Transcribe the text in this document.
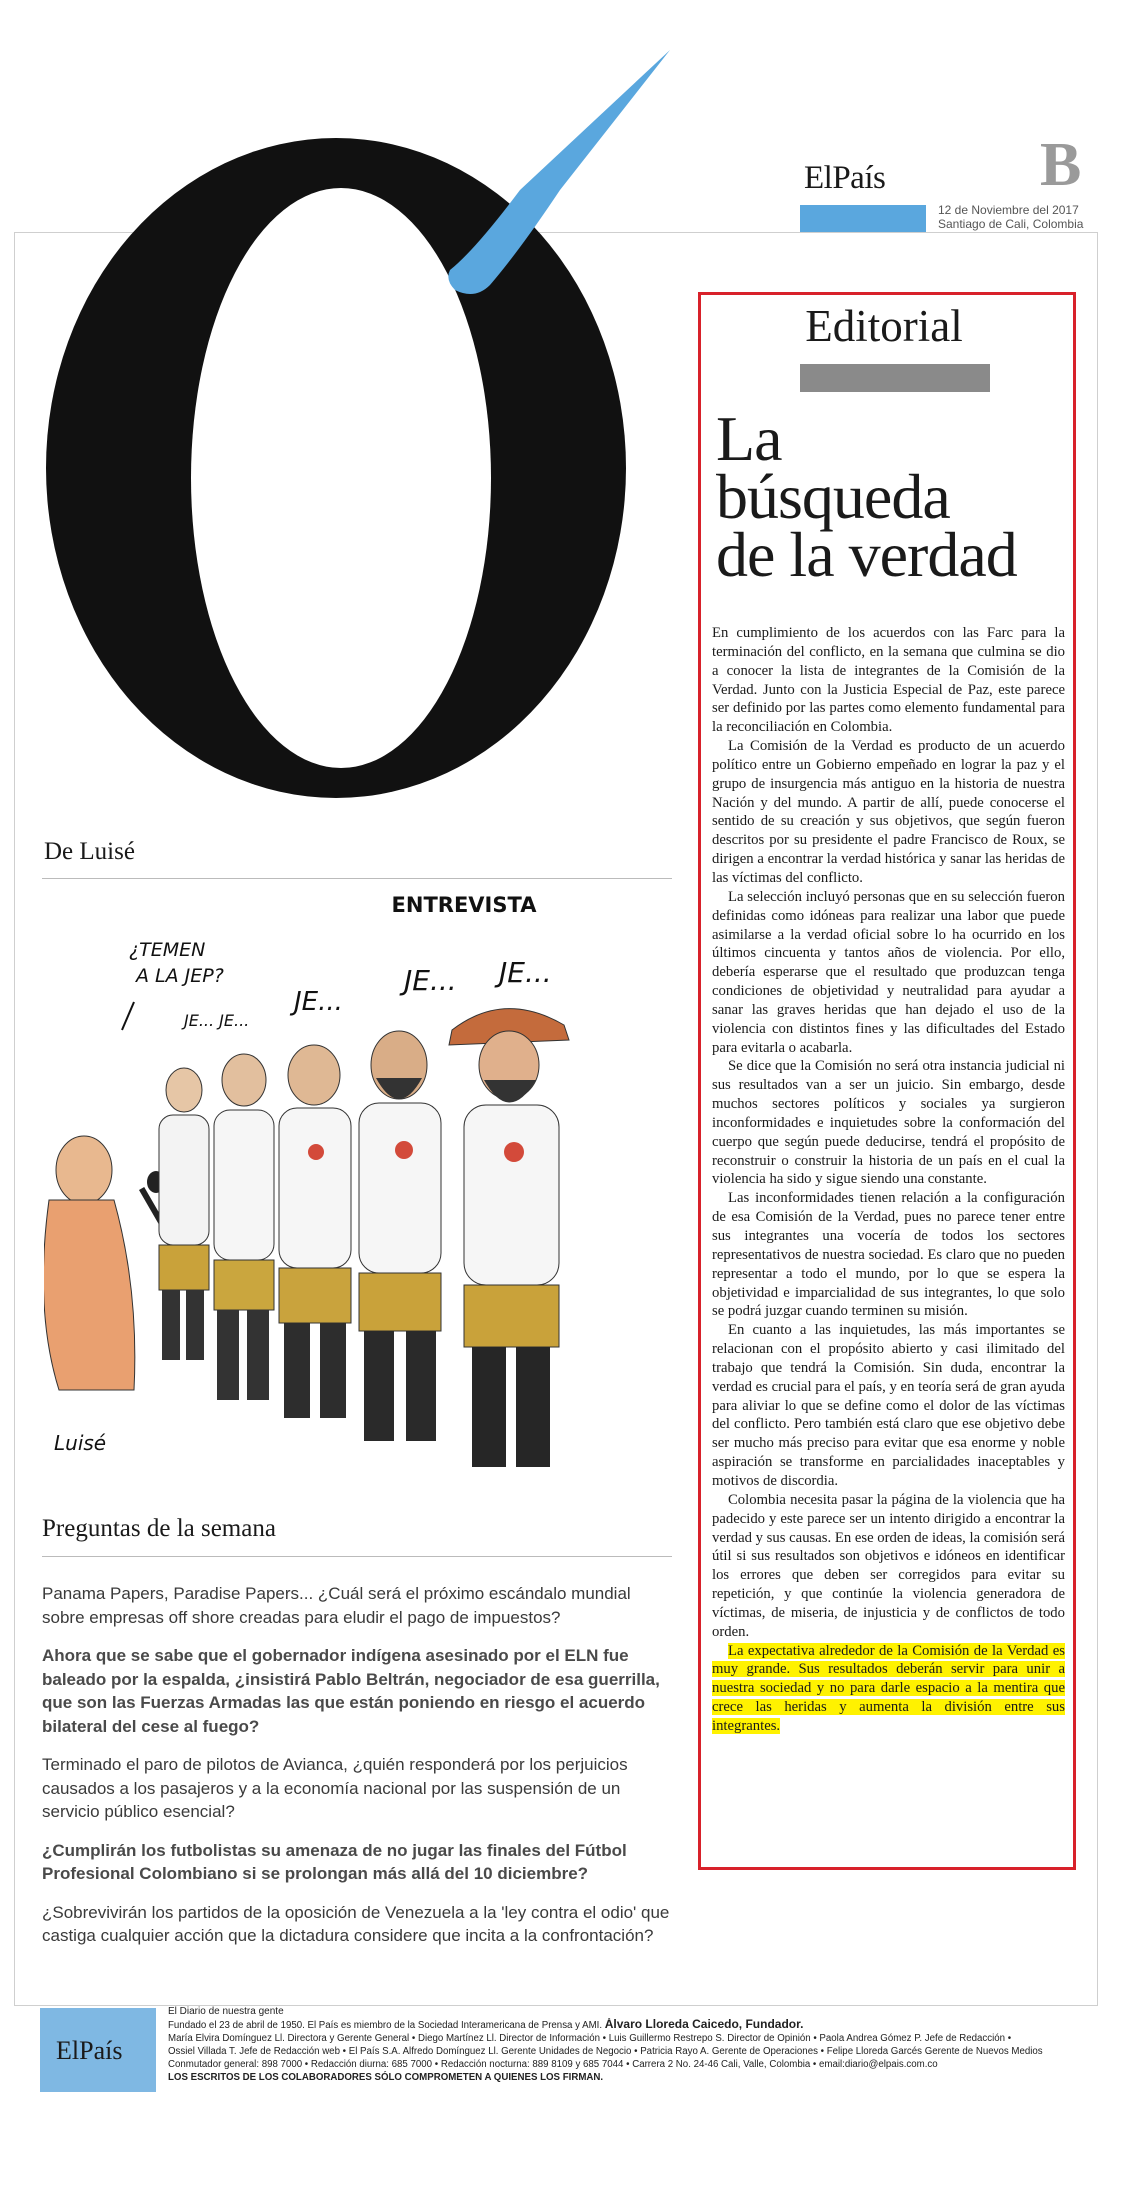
ElPaís B
12 de Noviembre del 2017
Santiago de Cali, Colombia
Editorial
La
búsqueda
de la verdad

En cumplimiento de los acuerdos con las Farc para la terminación del conflicto, en la semana que culmina se dio a conocer la lista de integrantes de la Comisión de la Verdad. Junto con la Justicia Especial de Paz, este parece ser definido por las partes como elemento fundamental para la reconciliación en Colombia.

La Comisión de la Verdad es producto de un acuerdo político entre un Gobierno empeñado en lograr la paz y el grupo de insurgencia más antiguo en la historia de nuestra Nación y del mundo. A partir de allí, puede conocerse el sentido de su creación y sus objetivos, que según fueron descritos por su presidente el padre Francisco de Roux, se dirigen a encontrar la verdad histórica y sanar las heridas de las víctimas del conflicto.

La selección incluyó personas que en su selección fueron definidas como idóneas para realizar una labor que puede asimilarse a la verdad oficial sobre lo ha ocurrido en los últimos cincuenta y tantos años de violencia. Por ello, debería esperarse que el resultado que produzcan tenga condiciones de objetividad y neutralidad para ayudar a sanar las graves heridas que han dejado el uso de la violencia con distintos fines y las dificultades del Estado para evitarla o acabarla.

Se dice que la Comisión no será otra instancia judicial ni sus resultados van a ser un juicio. Sin embargo, desde muchos sectores políticos y sociales ya surgieron inconformidades e inquietudes sobre la conformación del cuerpo que según puede deducirse, tendrá el propósito de reconstruir o construir la historia de un país en el cual la violencia ha sido y sigue siendo una constante.

Las inconformidades tienen relación a la configuración de esa Comisión de la Verdad, pues no parece tener entre sus integrantes una vocería de todos los sectores representativos de nuestra sociedad. Es claro que no pueden representar a todo el mundo, por lo que se espera la objetividad e imparcialidad de sus integrantes, lo que solo se podrá juzgar cuando terminen su misión.

En cuanto a las inquietudes, las más importantes se relacionan con el propósito abierto y casi ilimitado del trabajo que tendrá la Comisión. Sin duda, encontrar la verdad es crucial para el país, y en teoría será de gran ayuda para aliviar lo que se define como el dolor de las víctimas del conflicto. Pero también está claro que ese objetivo debe ser mucho más preciso para evitar que esa enorme y noble aspiración se transforme en parcialidades inaceptables y motivos de discordia.

Colombia necesita pasar la página de la violencia que ha padecido y este parece ser un intento dirigido a encontrar la verdad y sus causas. En ese orden de ideas, la comisión será útil si sus resultados son objetivos e idóneos en identificar los errores que deben ser corregidos para evitar su repetición, y que continúe la violencia generadora de víctimas, de miseria, de injusticia y de conflictos de todo orden.

La expectativa alrededor de la Comisión de la Verdad es muy grande. Sus resultados deberán servir para unir a nuestra sociedad y no para darle espacio a la mentira que crece las heridas y aumenta la división entre sus integrantes.

De Luisé
ENTREVISTA
¿TEMEN
A LA JEP?
JE... JE...
JE...
JE... JE...
Luisé
Preguntas de la semana

Panama Papers, Paradise Papers... ¿Cuál será el próximo escándalo mundial sobre empresas off shore creadas para eludir el pago de impuestos?

Ahora que se sabe que el gobernador indígena asesinado por el ELN fue baleado por la espalda, ¿insistirá Pablo Beltrán, negociador de esa guerrilla, que son las Fuerzas Armadas las que están poniendo en riesgo el acuerdo bilateral del cese al fuego?

Terminado el paro de pilotos de Avianca, ¿quién responderá por los perjuicios causados a los pasajeros y a la economía nacional por las suspensión de un servicio público esencial?

¿Cumplirán los futbolistas su amenaza de no jugar las finales del Fútbol Profesional Colombiano si se prolongan más allá del 10 diciembre?

¿Sobrevivirán los partidos de la oposición de Venezuela a la 'ley contra el odio' que castiga cualquier acción que la dictadura considere que incita a la confrontación?

ElPaís
El Diario de nuestra gente
Fundado el 23 de abril de 1950. El País es miembro de la Sociedad Interamericana de Prensa y AMI. Álvaro Lloreda Caicedo, Fundador.
María Elvira Domínguez Ll. Directora y Gerente General • Diego Martínez Ll. Director de Información • Luis Guillermo Restrepo S. Director de Opinión • Paola Andrea Gómez P. Jefe de Redacción •
Ossiel Villada T. Jefe de Redacción web • El País S.A. Alfredo Domínguez Ll. Gerente Unidades de Negocio • Patricia Rayo A. Gerente de Operaciones • Felipe Lloreda Garcés Gerente de Nuevos Medios
Conmutador general: 898 7000 • Redacción diurna: 685 7000 • Redacción nocturna: 889 8109 y 685 7044 • Carrera 2 No. 24-46 Cali, Valle, Colombia • email:diario@elpais.com.co
LOS ESCRITOS DE LOS COLABORADORES SÓLO COMPROMETEN A QUIENES LOS FIRMAN.
